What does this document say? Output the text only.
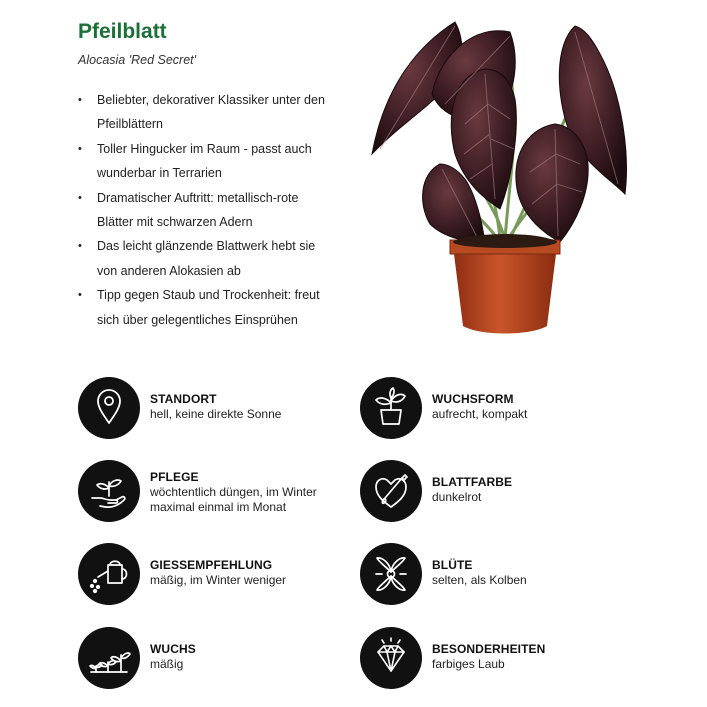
Pfeilblatt
Alocasia 'Red Secret'
• Beliebter, dekorativer Klassiker unter den
Pfeilblättern
• Toller Hingucker im Raum - passt auch
wunderbar in Terrarien
• Dramatischer Auftritt: metallisch-rote
Blätter mit schwarzen Adern
• Das leicht glänzende Blattwerk hebt sie
von anderen Alokasien ab
• Tipp gegen Staub und Trockenheit: freut
sich über gelegentliches Einsprühen
STANDORT
hell, keine direkte Sonne
WUCHSFORM
aufrecht, kompakt
PFLEGE
wöchtentlich düngen, im Winter
maximal einmal im Monat
BLATTFARBE
dunkelrot
GIESSEMPFEHLUNG
mäßig, im Winter weniger
BLÜTE
selten, als Kolben
WUCHS
mäßig
BESONDERHEITEN
farbiges Laub
